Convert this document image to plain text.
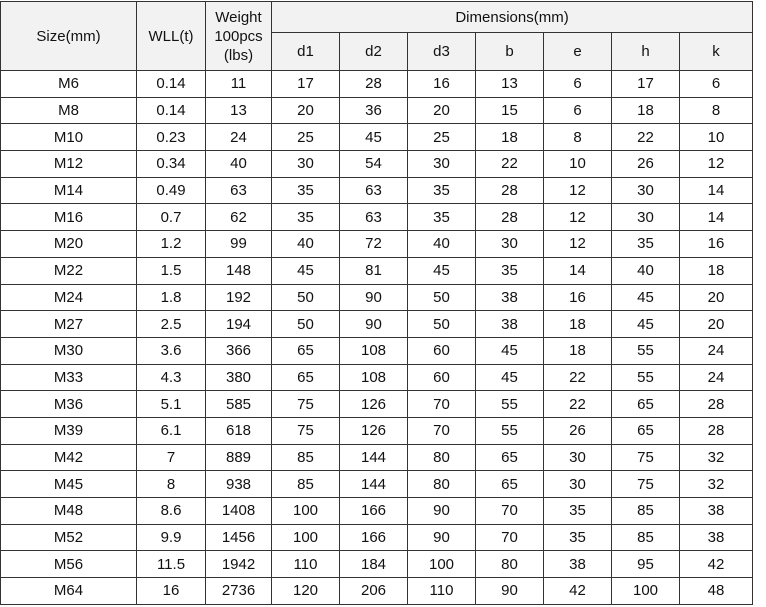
Size(mm)	WLL(t)	Weight
100pcs
(lbs)	Dimensions(mm)						
			d1	d2	d3	b	e	h	k
M6	0.14	11	17	28	16	13	6	17	6
M8	0.14	13	20	36	20	15	6	18	8
M10	0.23	24	25	45	25	18	8	22	10
M12	0.34	40	30	54	30	22	10	26	12
M14	0.49	63	35	63	35	28	12	30	14
M16	0.7	62	35	63	35	28	12	30	14
M20	1.2	99	40	72	40	30	12	35	16
M22	1.5	148	45	81	45	35	14	40	18
M24	1.8	192	50	90	50	38	16	45	20
M27	2.5	194	50	90	50	38	18	45	20
M30	3.6	366	65	108	60	45	18	55	24
M33	4.3	380	65	108	60	45	22	55	24
M36	5.1	585	75	126	70	55	22	65	28
M39	6.1	618	75	126	70	55	26	65	28
M42	7	889	85	144	80	65	30	75	32
M45	8	938	85	144	80	65	30	75	32
M48	8.6	1408	100	166	90	70	35	85	38
M52	9.9	1456	100	166	90	70	35	85	38
M56	11.5	1942	110	184	100	80	38	95	42
M64	16	2736	120	206	110	90	42	100	48
